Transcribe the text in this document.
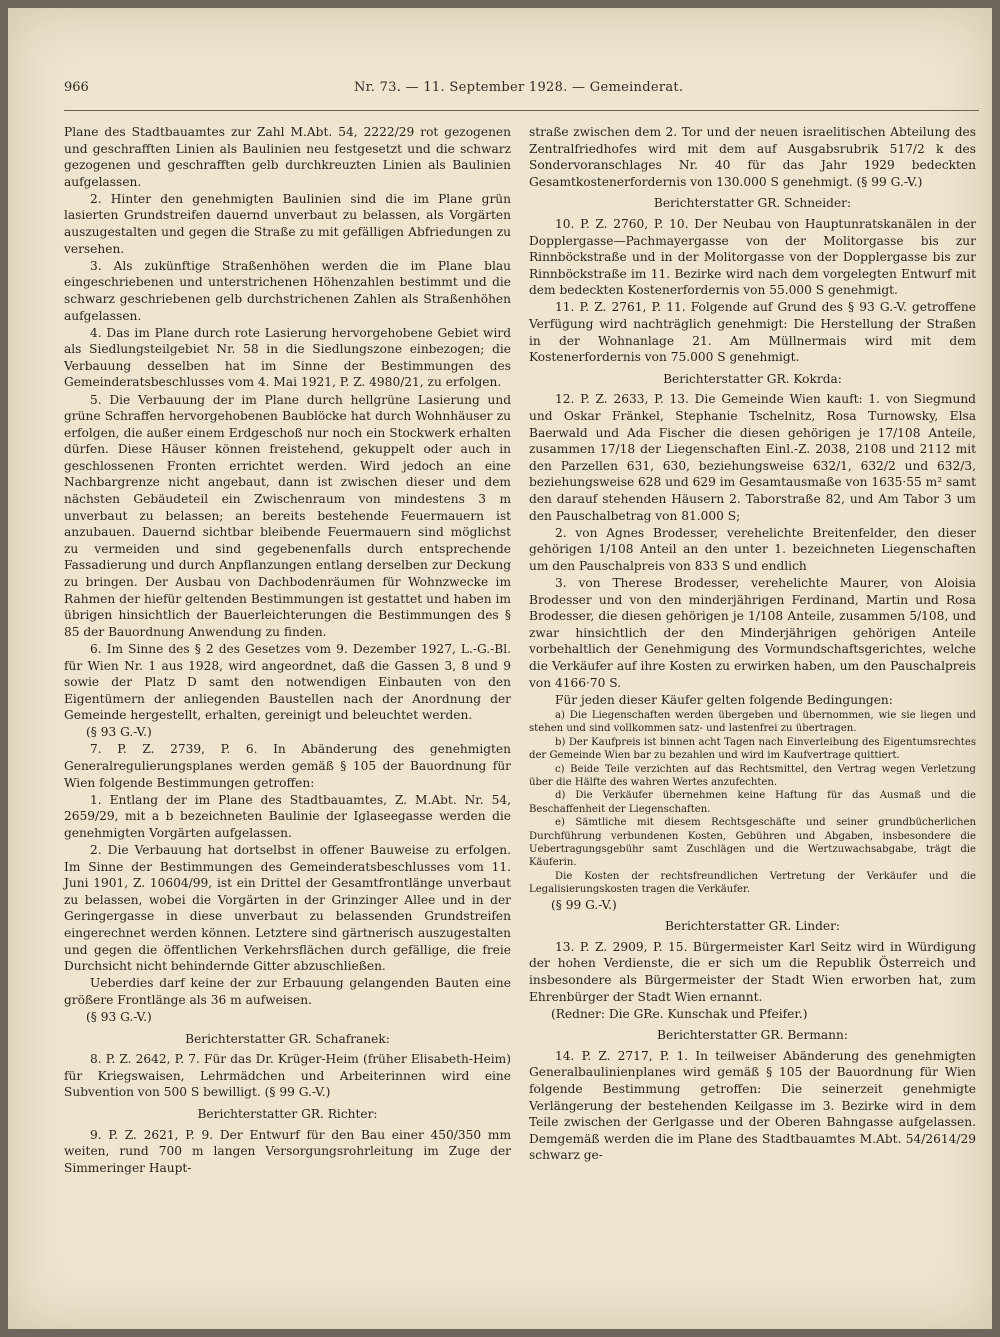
966	Nr. 73. — 11. September 1928. — Gemeinderat.

Plane des Stadtbauamtes zur Zahl M.Abt. 54, 2222/29 rot gezogenen und geschrafften Linien als Baulinien neu festgesetzt und die schwarz gezogenen und geschrafften gelb durchkreuzten Linien als Baulinien aufgelassen.

2. Hinter den genehmigten Baulinien sind die im Plane grün lasierten Grundstreifen dauernd unverbaut zu belassen, als Vorgärten auszugestalten und gegen die Straße zu mit gefälligen Abfriedungen zu versehen.

3. Als zukünftige Straßenhöhen werden die im Plane blau eingeschriebenen und unterstrichenen Höhenzahlen bestimmt und die schwarz geschriebenen gelb durchstrichenen Zahlen als Straßenhöhen aufgelassen.

4. Das im Plane durch rote Lasierung hervorgehobene Gebiet wird als Siedlungsteilgebiet Nr. 58 in die Siedlungszone einbezogen; die Verbauung desselben hat im Sinne der Bestimmungen des Gemeinderatsbeschlusses vom 4. Mai 1921, P. Z. 4980/21, zu erfolgen.

5. Die Verbauung der im Plane durch hellgrüne Lasierung und grüne Schraffen hervorgehobenen Baublöcke hat durch Wohnhäuser zu erfolgen, die außer einem Erdgeschoß nur noch ein Stockwerk erhalten dürfen. Diese Häuser können freistehend, gekuppelt oder auch in geschlossenen Fronten errichtet werden. Wird jedoch an eine Nachbargrenze nicht angebaut, dann ist zwischen dieser und dem nächsten Gebäudeteil ein Zwischenraum von mindestens 3 m unverbaut zu belassen; an bereits bestehende Feuermauern ist anzubauen. Dauernd sichtbar bleibende Feuermauern sind möglichst zu vermeiden und sind gegebenenfalls durch entsprechende Fassadierung und durch Anpflanzungen entlang derselben zur Deckung zu bringen. Der Ausbau von Dachbodenräumen für Wohnzwecke im Rahmen der hiefür geltenden Bestimmungen ist gestattet und haben im übrigen hinsichtlich der Bauerleichterungen die Bestimmungen des § 85 der Bauordnung Anwendung zu finden.

6. Im Sinne des § 2 des Gesetzes vom 9. Dezember 1927, L.-G.-Bl. für Wien Nr. 1 aus 1928, wird angeordnet, daß die Gassen 3, 8 und 9 sowie der Platz D samt den notwendigen Einbauten von den Eigentümern der anliegenden Baustellen nach der Anordnung der Gemeinde hergestellt, erhalten, gereinigt und beleuchtet werden.

(§ 93 G.-V.)

7. P. Z. 2739, P. 6. In Abänderung des genehmigten Generalregulierungsplanes werden gemäß § 105 der Bauordnung für Wien folgende Bestimmungen getroffen:

1. Entlang der im Plane des Stadtbauamtes, Z. M.Abt. Nr. 54, 2659/29, mit a b bezeichneten Baulinie der Iglaseegasse werden die genehmigten Vorgärten aufgelassen.

2. Die Verbauung hat dortselbst in offener Bauweise zu erfolgen. Im Sinne der Bestimmungen des Gemeinderatsbeschlusses vom 11. Juni 1901, Z. 10604/99, ist ein Drittel der Gesamtfrontlänge unverbaut zu belassen, wobei die Vorgärten in der Grinzinger Allee und in der Geringergasse in diese unverbaut zu belassenden Grundstreifen eingerechnet werden können. Letztere sind gärtnerisch auszugestalten und gegen die öffentlichen Verkehrsflächen durch gefällige, die freie Durchsicht nicht behindernde Gitter abzuschließen.

Ueberdies darf keine der zur Erbauung gelangenden Bauten eine größere Frontlänge als 36 m aufweisen.

(§ 93 G.-V.)

Berichterstatter GR. Schafranek:

8. P. Z. 2642, P. 7. Für das Dr. Krüger-Heim (früher Elisabeth-Heim) für Kriegswaisen, Lehrmädchen und Arbeiterinnen wird eine Subvention von 500 S bewilligt. (§ 99 G.-V.)

Berichterstatter GR. Richter:

9. P. Z. 2621, P. 9. Der Entwurf für den Bau einer 450/350 mm weiten, rund 700 m langen Versorgungsrohrleitung im Zuge der Simmeringer Haupt-

straße zwischen dem 2. Tor und der neuen israelitischen Abteilung des Zentralfriedhofes wird mit dem auf Ausgabsrubrik 517/2 k des Sondervoranschlages Nr. 40 für das Jahr 1929 bedeckten Gesamtkostenerfordernis von 130.000 S genehmigt. (§ 99 G.-V.)

Berichterstatter GR. Schneider:

10. P. Z. 2760, P. 10. Der Neubau von Hauptunratskanälen in der Dopplergasse—Pachmayergasse von der Molitorgasse bis zur Rinnböckstraße und in der Molitorgasse von der Dopplergasse bis zur Rinnböckstraße im 11. Bezirke wird nach dem vorgelegten Entwurf mit dem bedeckten Kostenerfordernis von 55.000 S genehmigt.

11. P. Z. 2761, P. 11. Folgende auf Grund des § 93 G.-V. getroffene Verfügung wird nachträglich genehmigt: Die Herstellung der Straßen in der Wohnanlage 21. Am Müllnermais wird mit dem Kostenerfordernis von 75.000 S genehmigt.

Berichterstatter GR. Kokrda:

12. P. Z. 2633, P. 13. Die Gemeinde Wien kauft: 1. von Siegmund und Oskar Fränkel, Stephanie Tschelnitz, Rosa Turnowsky, Elsa Baerwald und Ada Fischer die diesen gehörigen je 17/108 Anteile, zusammen 17/18 der Liegenschaften Einl.-Z. 2038, 2108 und 2112 mit den Parzellen 631, 630, beziehungsweise 632/1, 632/2 und 632/3, beziehungsweise 628 und 629 im Gesamtausmaße von 1635·55 m² samt den darauf stehenden Häusern 2. Taborstraße 82, und Am Tabor 3 um den Pauschalbetrag von 81.000 S;

2. von Agnes Brodesser, verehelichte Breitenfelder, den dieser gehörigen 1/108 Anteil an den unter 1. bezeichneten Liegenschaften um den Pauschalpreis von 833 S und endlich

3. von Therese Brodesser, verehelichte Maurer, von Aloisia Brodesser und von den minderjährigen Ferdinand, Martin und Rosa Brodesser, die diesen gehörigen je 1/108 Anteile, zusammen 5/108, und zwar hinsichtlich der den Minderjährigen gehörigen Anteile vorbehaltlich der Genehmigung des Vormundschaftsgerichtes, welche die Verkäufer auf ihre Kosten zu erwirken haben, um den Pauschalpreis von 4166·70 S.

Für jeden dieser Käufer gelten folgende Bedingungen:

a) Die Liegenschaften werden übergeben und übernommen, wie sie liegen und stehen und sind vollkommen satz- und lastenfrei zu übertragen.

b) Der Kaufpreis ist binnen acht Tagen nach Einverleibung des Eigentumsrechtes der Gemeinde Wien bar zu bezahlen und wird im Kaufvertrage quittiert.

c) Beide Teile verzichten auf das Rechtsmittel, den Vertrag wegen Verletzung über die Hälfte des wahren Wertes anzufechten.

d) Die Verkäufer übernehmen keine Haftung für das Ausmaß und die Beschaffenheit der Liegenschaften.

e) Sämtliche mit diesem Rechtsgeschäfte und seiner grundbücherlichen Durchführung verbundenen Kosten, Gebühren und Abgaben, insbesondere die Uebertragungsgebühr samt Zuschlägen und die Wertzuwachsabgabe, trägt die Käuferin.

Die Kosten der rechtsfreundlichen Vertretung der Verkäufer und die Legalisierungskosten tragen die Verkäufer.

(§ 99 G.-V.)

Berichterstatter GR. Linder:

13. P. Z. 2909, P. 15. Bürgermeister Karl Seitz wird in Würdigung der hohen Verdienste, die er sich um die Republik Österreich und insbesondere als Bürgermeister der Stadt Wien erworben hat, zum Ehrenbürger der Stadt Wien ernannt.

(Redner: Die GRe. Kunschak und Pfeifer.)

Berichterstatter GR. Bermann:

14. P. Z. 2717, P. 1. In teilweiser Abänderung des genehmigten Generalbaulinienplanes wird gemäß § 105 der Bauordnung für Wien folgende Bestimmung getroffen: Die seinerzeit genehmigte Verlängerung der bestehenden Keilgasse im 3. Bezirke wird in dem Teile zwischen der Gerlgasse und der Oberen Bahngasse aufgelassen. Demgemäß werden die im Plane des Stadtbauamtes M.Abt. 54/2614/29 schwarz ge-
